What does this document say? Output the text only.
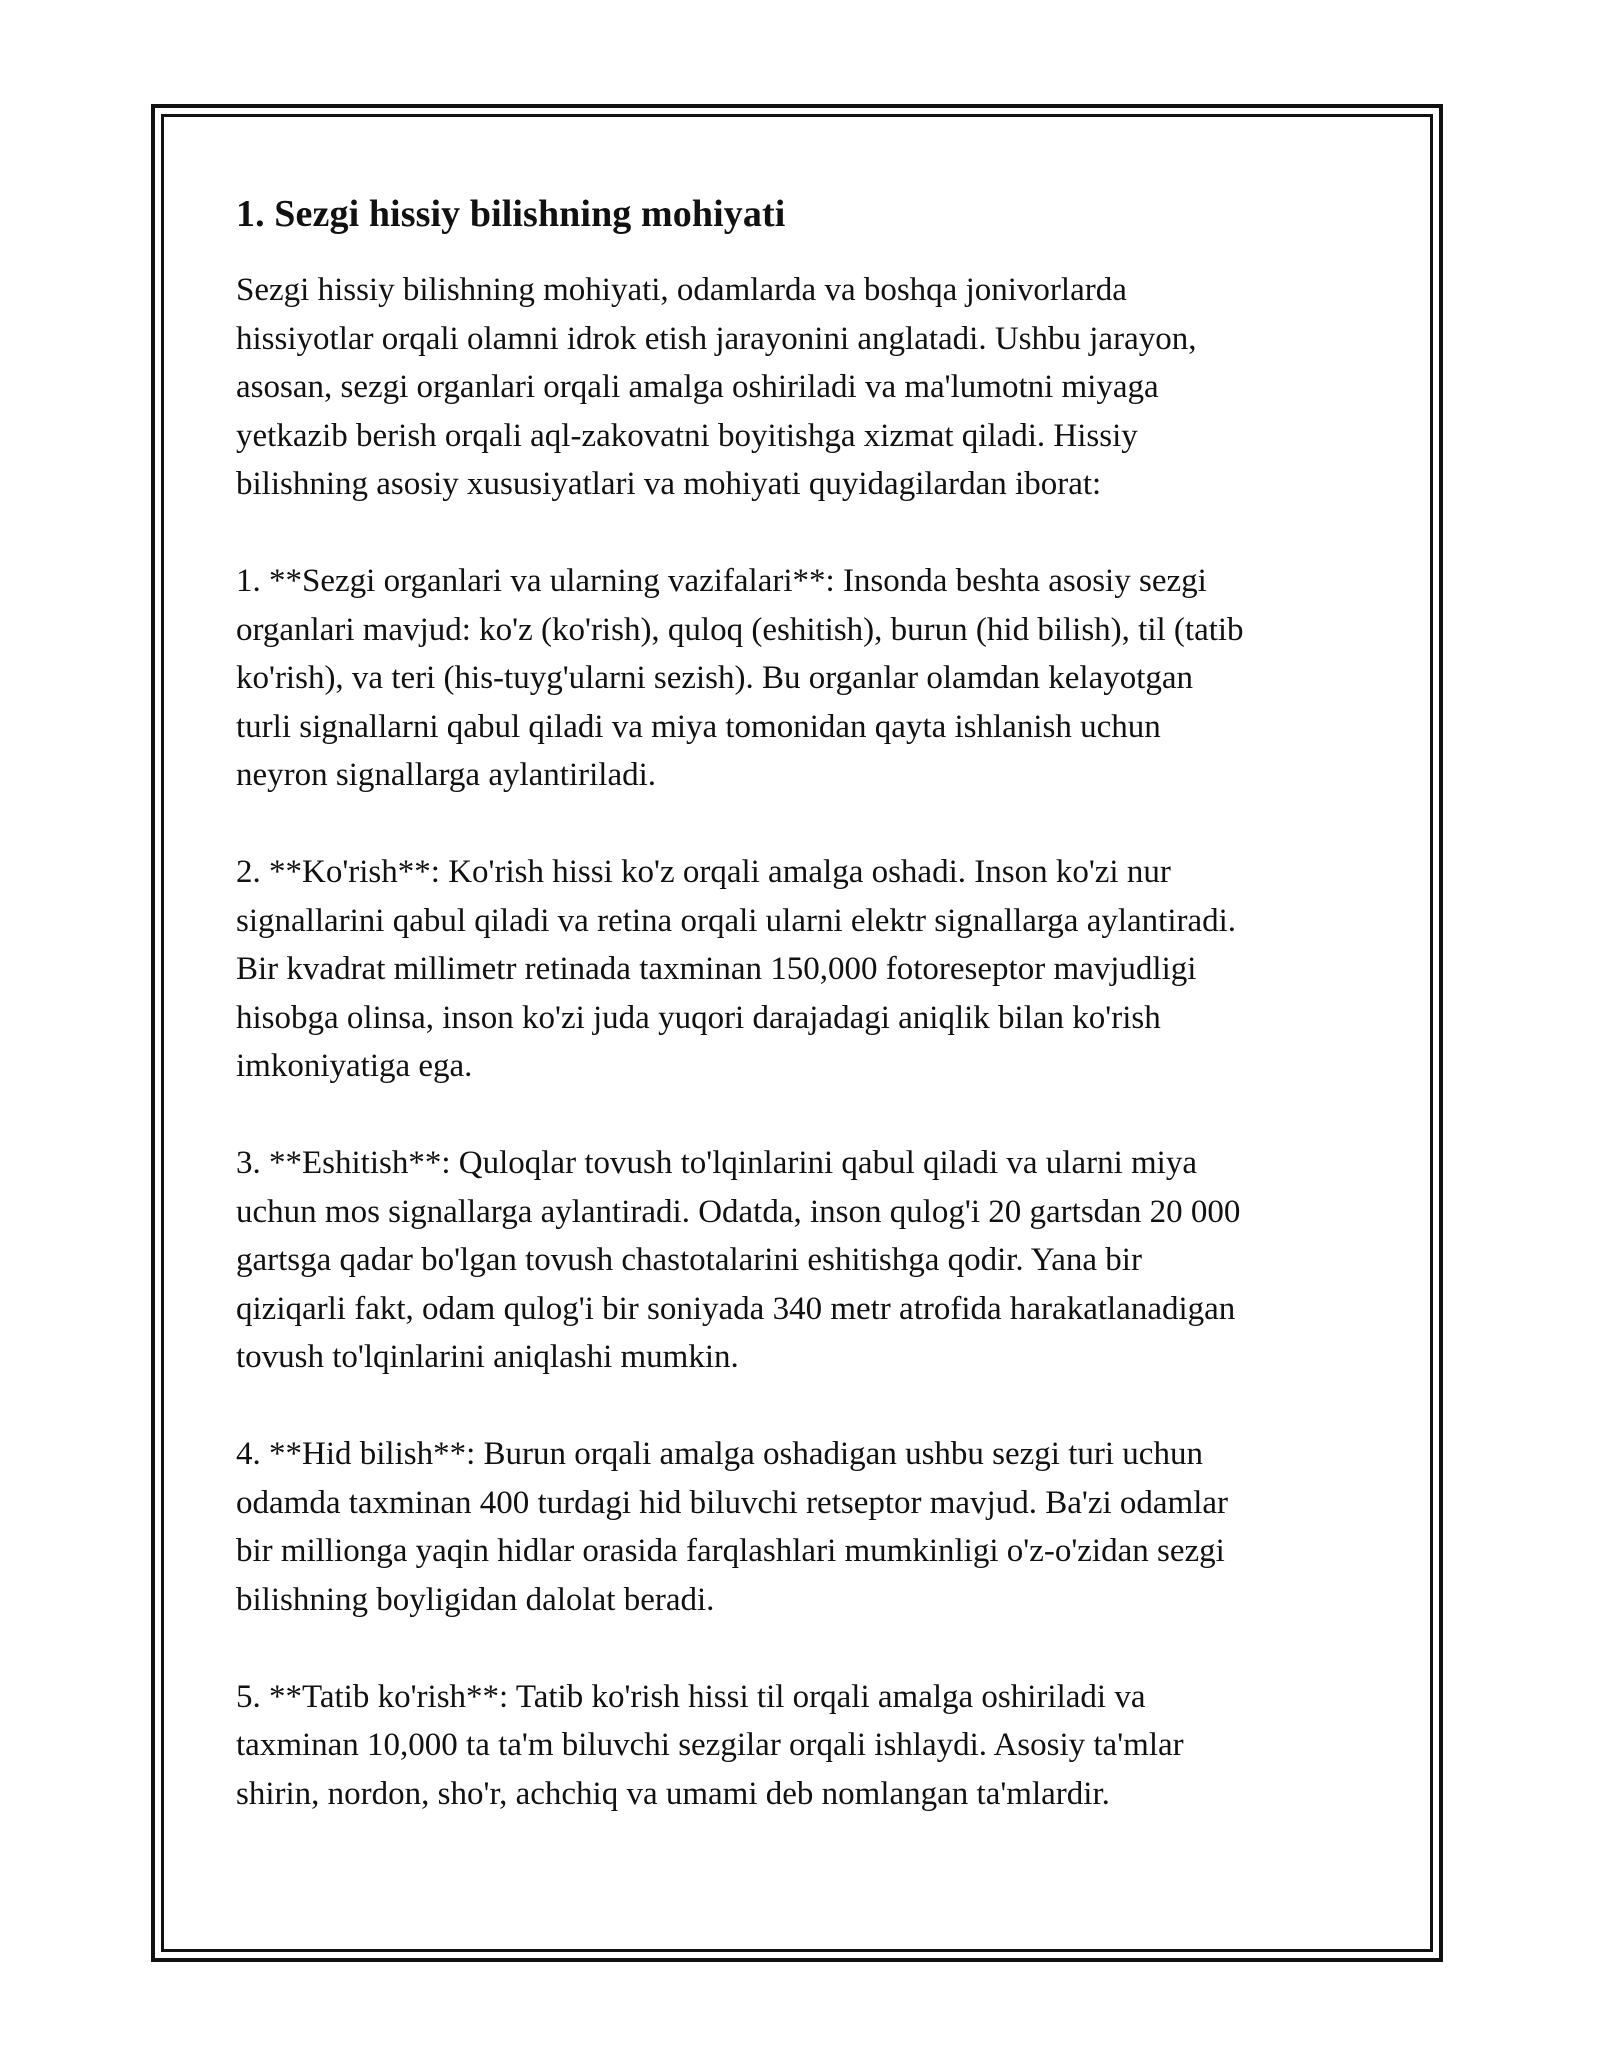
1. Sezgi hissiy bilishning mohiyati

Sezgi hissiy bilishning mohiyati, odamlarda va boshqa jonivorlarda
hissiyotlar orqali olamni idrok etish jarayonini anglatadi. Ushbu jarayon,
asosan, sezgi organlari orqali amalga oshiriladi va ma'lumotni miyaga
yetkazib berish orqali aql-zakovatni boyitishga xizmat qiladi. Hissiy
bilishning asosiy xususiyatlari va mohiyati quyidagilardan iborat:

1. **Sezgi organlari va ularning vazifalari**: Insonda beshta asosiy sezgi
organlari mavjud: ko'z (ko'rish), quloq (eshitish), burun (hid bilish), til (tatib
ko'rish), va teri (his-tuyg'ularni sezish). Bu organlar olamdan kelayotgan
turli signallarni qabul qiladi va miya tomonidan qayta ishlanish uchun
neyron signallarga aylantiriladi.

2. **Ko'rish**: Ko'rish hissi ko'z orqali amalga oshadi. Inson ko'zi nur
signallarini qabul qiladi va retina orqali ularni elektr signallarga aylantiradi.
Bir kvadrat millimetr retinada taxminan 150,000 fotoreseptor mavjudligi
hisobga olinsa, inson ko'zi juda yuqori darajadagi aniqlik bilan ko'rish
imkoniyatiga ega.

3. **Eshitish**: Quloqlar tovush to'lqinlarini qabul qiladi va ularni miya
uchun mos signallarga aylantiradi. Odatda, inson qulog'i 20 gartsdan 20 000
gartsga qadar bo'lgan tovush chastotalarini eshitishga qodir. Yana bir
qiziqarli fakt, odam qulog'i bir soniyada 340 metr atrofida harakatlanadigan
tovush to'lqinlarini aniqlashi mumkin.

4. **Hid bilish**: Burun orqali amalga oshadigan ushbu sezgi turi uchun
odamda taxminan 400 turdagi hid biluvchi retseptor mavjud. Ba'zi odamlar
bir millionga yaqin hidlar orasida farqlashlari mumkinligi o'z-o'zidan sezgi
bilishning boyligidan dalolat beradi.

5. **Tatib ko'rish**: Tatib ko'rish hissi til orqali amalga oshiriladi va
taxminan 10,000 ta ta'm biluvchi sezgilar orqali ishlaydi. Asosiy ta'mlar
shirin, nordon, sho'r, achchiq va umami deb nomlangan ta'mlardir.
